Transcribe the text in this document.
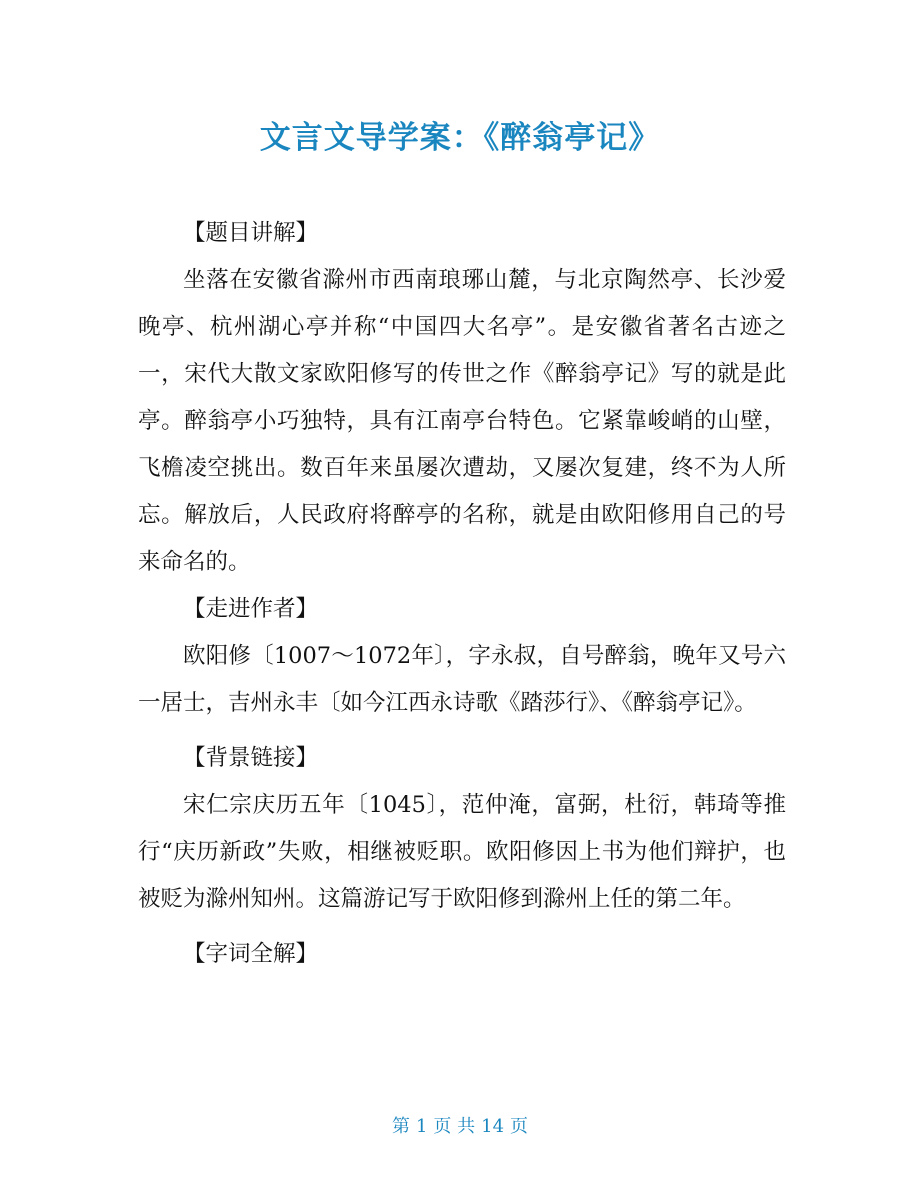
文言文导学案：《醉翁亭记》

【题目讲解】

坐落在安徽省滁州市西南琅琊山麓，与北京陶然亭、长沙爱晚亭、杭州湖心亭并称“中国四大名亭”。是安徽省著名古迹之一，宋代大散文家欧阳修写的传世之作《醉翁亭记》写的就是此亭。醉翁亭小巧独特，具有江南亭台特色。它紧靠峻峭的山壁，飞檐凌空挑出。数百年来虽屡次遭劫，又屡次复建，终不为人所忘。解放后，人民政府将醉亭的名称，就是由欧阳修用自己的号来命名的。

【走进作者】

欧阳修〔1007～1072年〕，字永叔，自号醉翁，晚年又号六一居士，吉州永丰〔如今江西永诗歌《踏莎行》、《醉翁亭记》。

【背景链接】

宋仁宗庆历五年〔1045〕，范仲淹，富弼，杜衍，韩琦等推行“庆历新政”失败，相继被贬职。欧阳修因上书为他们辩护，也被贬为滁州知州。这篇游记写于欧阳修到滁州上任的第二年。

【字词全解】

第 1 页 共 14 页
